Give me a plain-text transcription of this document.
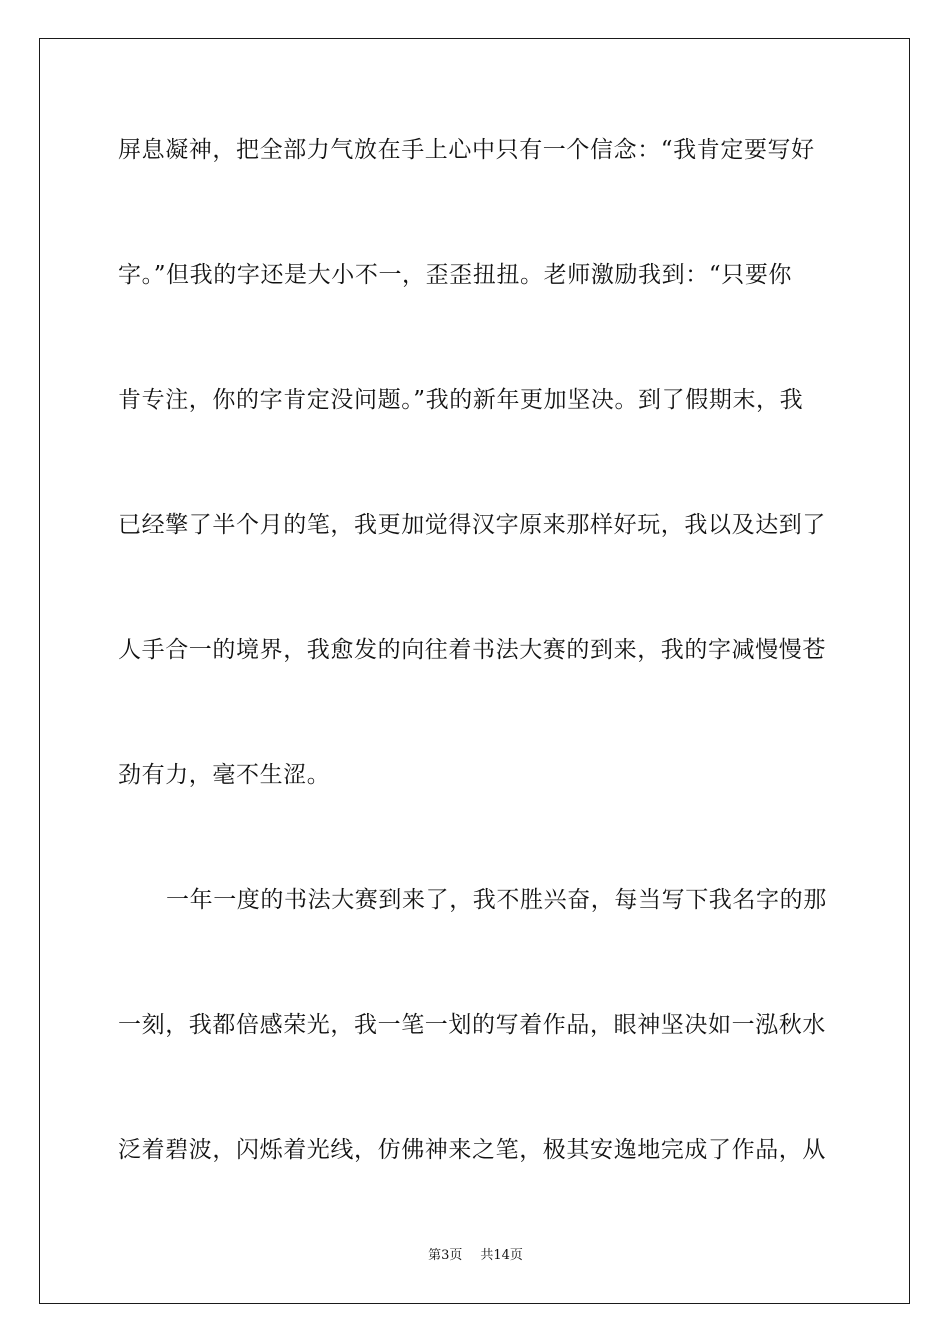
屏息凝神，把全部力气放在手上心中只有一个信念：“我肯定要写好
字。”但我的字还是大小不一，歪歪扭扭。老师激励我到：“只要你
肯专注，你的字肯定没问题。”我的新年更加坚决。到了假期末，我
已经擎了半个月的笔，我更加觉得汉字原来那样好玩，我以及达到了
人手合一的境界，我愈发的向往着书法大赛的到来，我的字减慢慢苍
劲有力，毫不生涩。
一年一度的书法大赛到来了，我不胜兴奋，每当写下我名字的那
一刻，我都倍感荣光，我一笔一划的写着作品，眼神坚决如一泓秋水
泛着碧波，闪烁着光线，仿佛神来之笔，极其安逸地完成了作品，从
第3页 共14页
